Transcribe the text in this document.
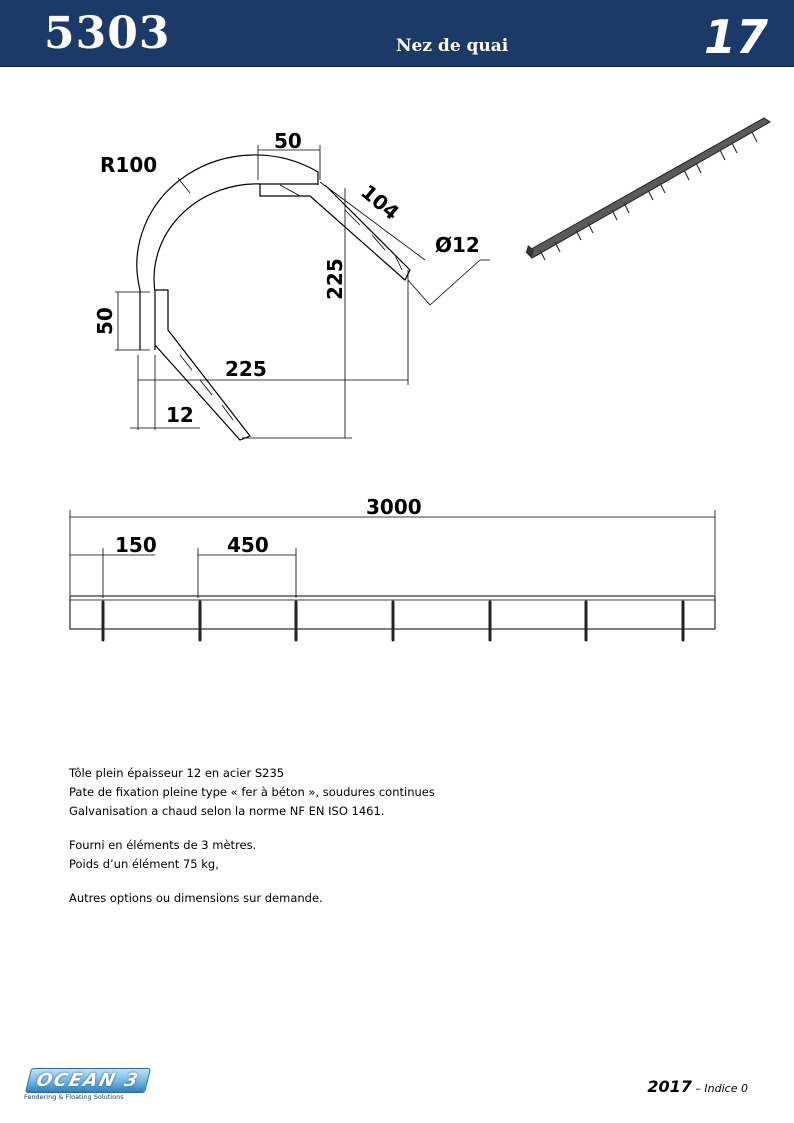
5303	Nez de quai	17
R100
50
104
Ø12
225
50
225
12
3000
150	450

Tôle plein épaisseur 12 en acier S235

Pate de fixation pleine type « fer à béton », soudures continues

Galvanisation a chaud selon la norme NF EN ISO 1461.

Fourni en éléments de 3 mètres.

Poids d’un élément 75 kg,

Autres options ou dimensions sur demande.

OCEAN 3
Fendering & Floating Solutions
2017 – Indice 0
